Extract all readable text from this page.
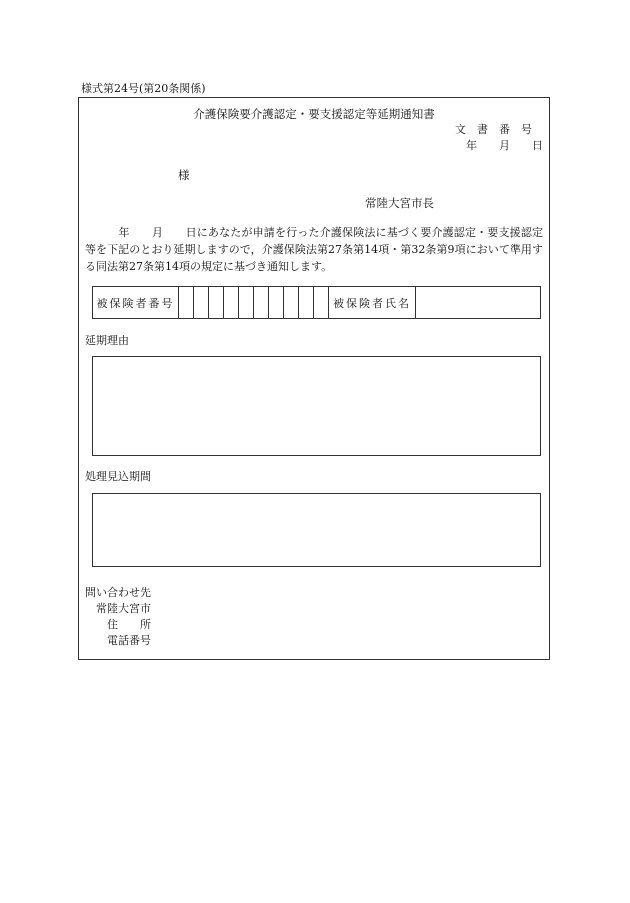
様式第24号(第20条関係)
介護保険要介護認定・要支援認定等延期通知書
文書番号
年　　月　　日
様
常陸大宮市長
　　　年　　月　　日にあなたが申請を行った介護保険法に基づく要介護認定・要支援認定等を下記のとおり延期しますので，介護保険法第27条第14項・第32条第9項において準用する同法第27条第14項の規定に基づき通知します。
被保険者番号											被保険者氏名	
延期理由
処理見込期間
問い合わせ先
常陸大宮市
住　　所
電話番号
